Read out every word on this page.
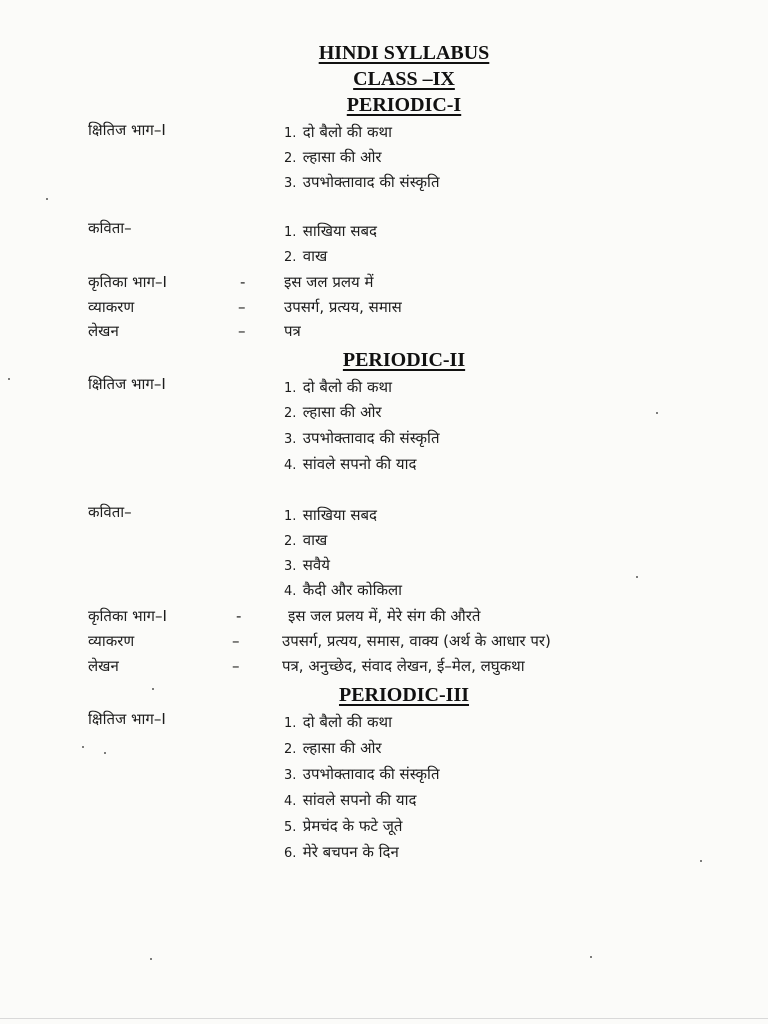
HINDI SYLLABUS
CLASS –IX
PERIODIC-I
क्षितिज भाग–I	1. दो बैलो की कथा
2. ल्हासा की ओर
3. उपभोक्तावाद की संस्कृति
कविता–	1. साखिया सबद
2. वाख
कृतिका भाग–I	-	इस जल प्रलय में
व्याकरण	–	उपसर्ग, प्रत्यय, समास
लेखन	–	पत्र
PERIODIC-II
क्षितिज भाग–I	1. दो बैलो की कथा
2. ल्हासा की ओर
3. उपभोक्तावाद की संस्कृति
4. सांवले सपनो की याद
कविता–	1. साखिया सबद
2. वाख
3. सवैये
4. कैदी और कोकिला
कृतिका भाग–I	-	इस जल प्रलय में, मेरे संग की औरते
व्याकरण	–	उपसर्ग, प्रत्यय, समास, वाक्य (अर्थ के आधार पर)
लेखन	–	पत्र, अनुच्छेद, संवाद लेखन, ई–मेल, लघुकथा
PERIODIC-III
क्षितिज भाग–I	1. दो बैलो की कथा
2. ल्हासा की ओर
3. उपभोक्तावाद की संस्कृति
4. सांवले सपनो की याद
5. प्रेमचंद के फटे जूते
6. मेरे बचपन के दिन
